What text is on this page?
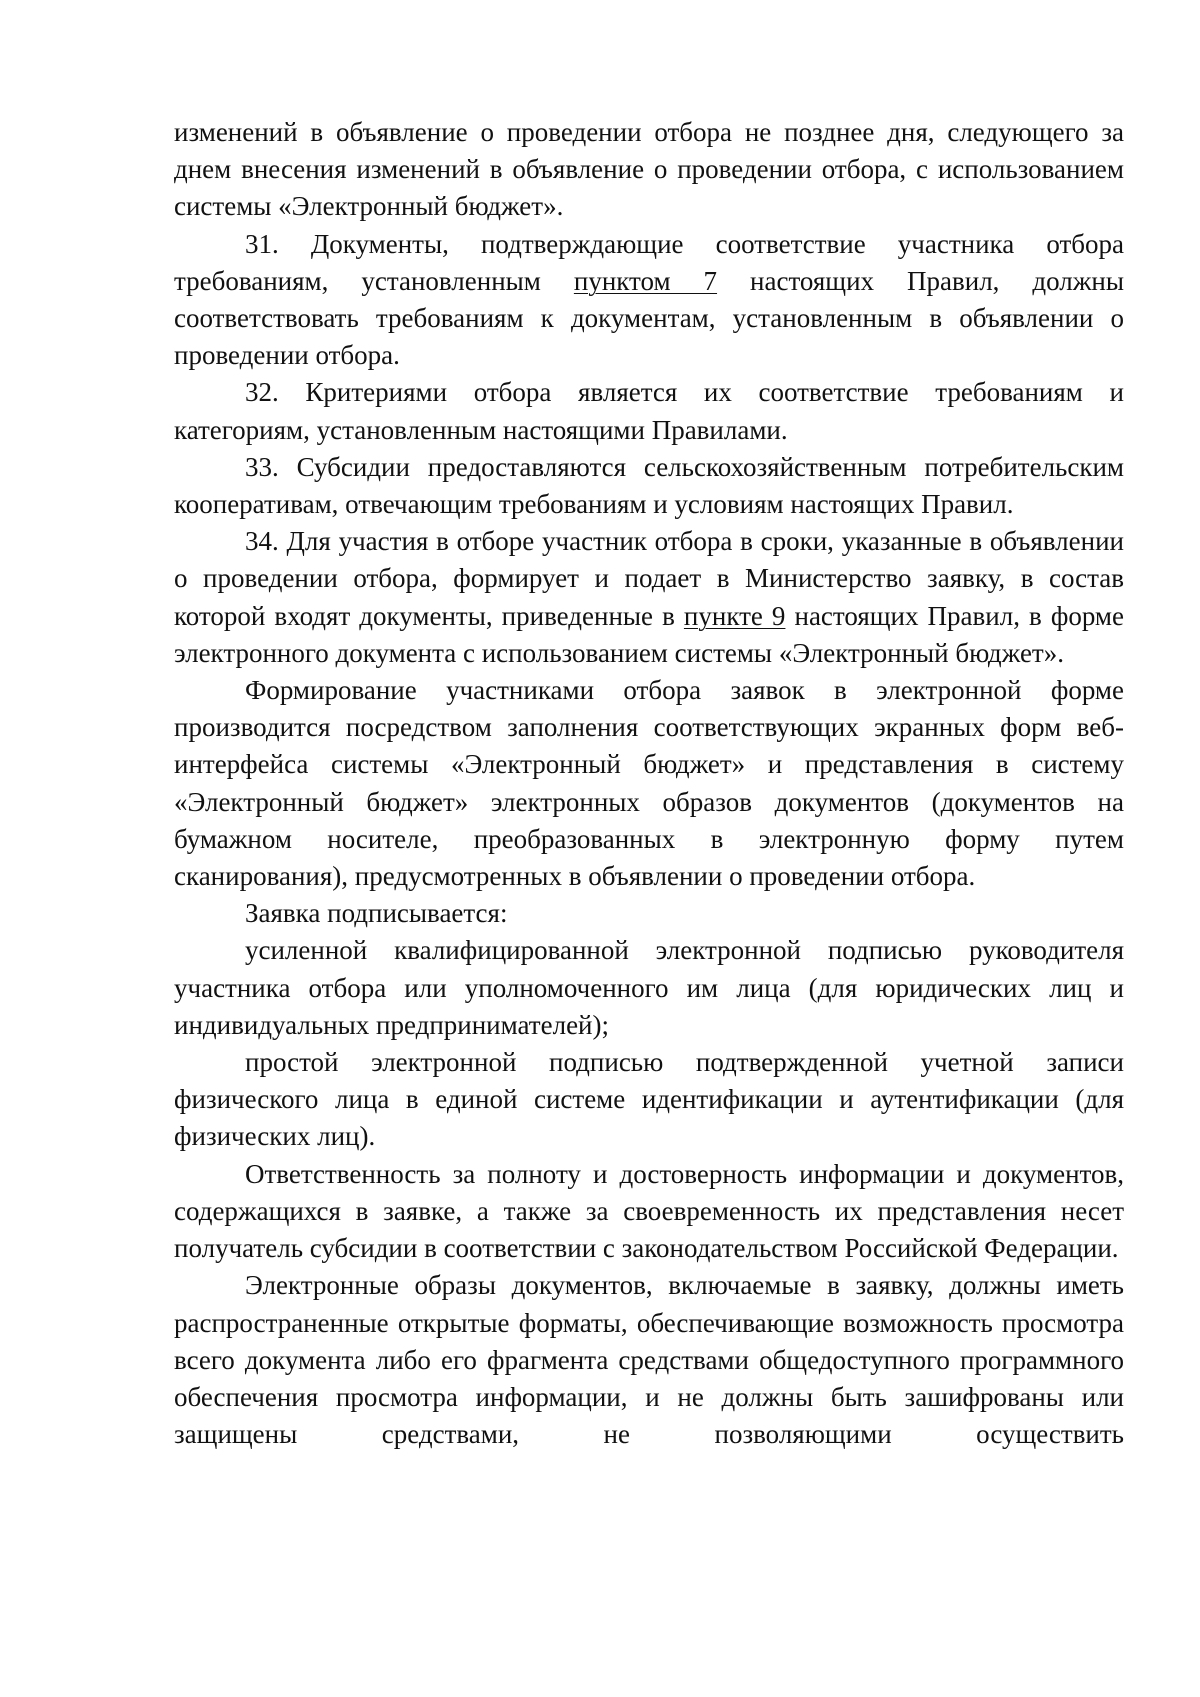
изменений в объявление о проведении отбора не позднее дня, следующего за днем внесения изменений в объявление о проведении отбора, с использованием системы «Электронный бюджет».

31. Документы, подтверждающие соответствие участника отбора требованиям, установленным пунктом 7 настоящих Правил, должны соответствовать требованиям к документам, установленным в объявлении о проведении отбора.

32. Критериями отбора является их соответствие требованиям и категориям, установленным настоящими Правилами.

33. Субсидии предоставляются сельскохозяйственным потребительским кооперативам, отвечающим требованиям и условиям настоящих Правил.

34. Для участия в отборе участник отбора в сроки, указанные в объявлении о проведении отбора, формирует и подает в Министерство заявку, в состав которой входят документы, приведенные в пункте 9 настоящих Правил, в форме электронного документа с использованием системы «Электронный бюджет».

Формирование участниками отбора заявок в электронной форме производится посредством заполнения соответствующих экранных форм веб-интерфейса системы «Электронный бюджет» и представления в систему «Электронный бюджет» электронных образов документов (документов на бумажном носителе, преобразованных в электронную форму путем сканирования), предусмотренных в объявлении о проведении отбора.

Заявка подписывается:

усиленной квалифицированной электронной подписью руководителя участника отбора или уполномоченного им лица (для юридических лиц и индивидуальных предпринимателей);

простой электронной подписью подтвержденной учетной записи физического лица в единой системе идентификации и аутентификации (для физических лиц).

Ответственность за полноту и достоверность информации и документов, содержащихся в заявке, а также за своевременность их представления несет получатель субсидии в соответствии с законодательством Российской Федерации.

Электронные образы документов, включаемые в заявку, должны иметь распространенные открытые форматы, обеспечивающие возможность просмотра всего документа либо его фрагмента средствами общедоступного программного обеспечения просмотра информации, и не должны быть зашифрованы или защищены средствами, не позволяющими осуществить
